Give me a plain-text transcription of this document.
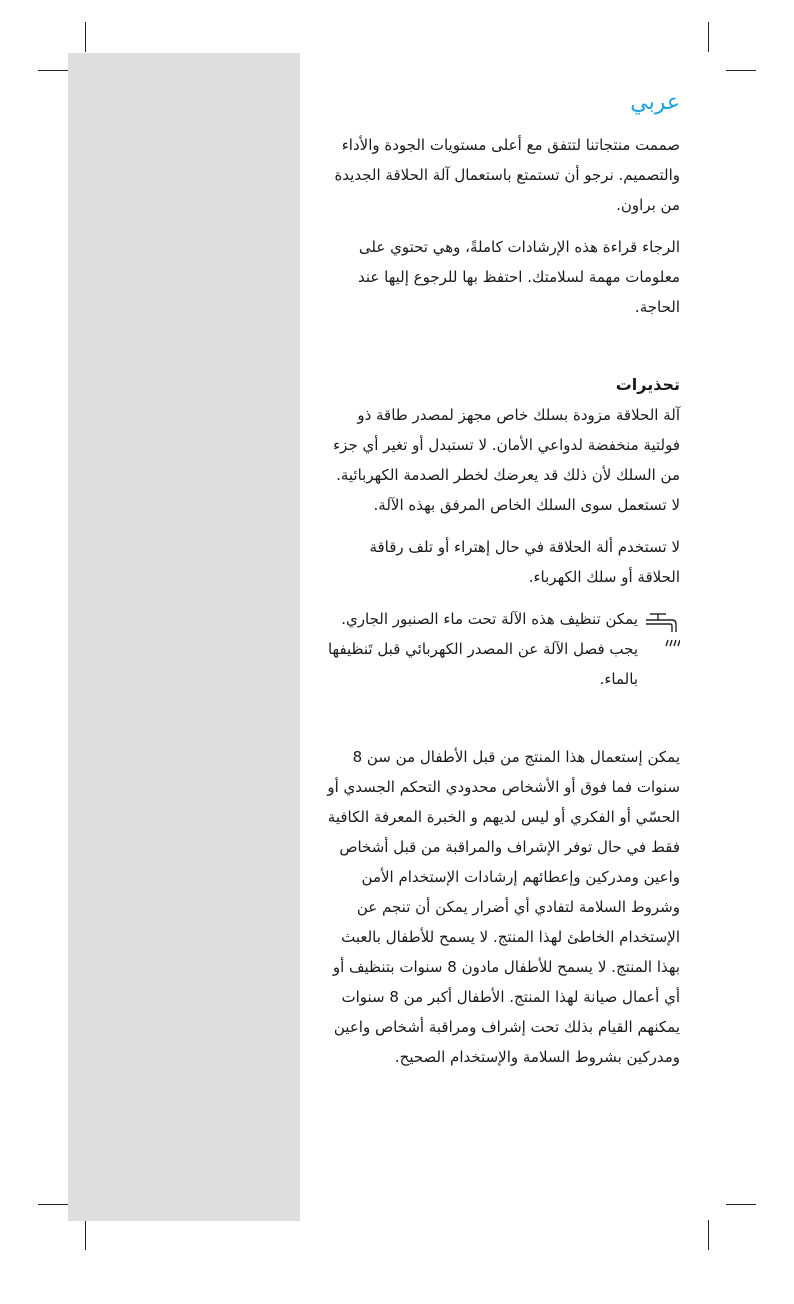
عربي

صممت منتجاتنا لتتفق مع أعلى مستويات الجودة والأداء والتصميم. نرجو أن تستمتع باستعمال آلة الحلاقة الجديدة من براون.

الرجاء قراءة هذه الإرشادات كاملةً، وهي تحتوي على معلومات مهمة لسلامتك. احتفظ بها للرجوع إليها عند الحاجة.

تحذيرات

آلة الحلاقة مزودة بسلك خاص مجهز لمصدر طاقة ذو فولتية منخفضة لدواعي الأمان. لا تستبدل أو تغير أي جزء من السلك لأن ذلك قد يعرضك لخطر الصدمة الكهربائية. لا تستعمل سوى السلك الخاص المرفق بهذه الآلة.

لا تستخدم ألة الحلاقة في حال إهتراء أو تلف رقاقة الحلاقة أو سلك الكهرباء.

يمكن تنظيف هذه الآلة تحت ماء الصنبور الجاري. يجب فصل الآلة عن المصدر الكهربائي قبل تَنظيفها بالماء.

يمكن إستعمال هذا المنتج من قبل الأطفال من سن 8 سنوات فما فوق أو الأشخاص محدودي التحكم الجسدي أو الحسّي أو الفكري أو ليس لديهم و الخبرة المعرفة الكافية فقط في حال توفر الإشراف والمراقبة من قبل أشخاص واعين ومدركين وإعطائهم إرشادات الإستخدام الأمن وشروط السلامة لتفادي أي أضرار يمكن أن تنجم عن الإستخدام الخاطئ لهذا المنتج. لا يسمح للأطفال بالعبث بهذا المنتج. لا يسمح للأطفال مادون 8 سنوات بتنظيف أو أي أعمال صيانة لهذا المنتج. الأطفال أكبر من 8 سنوات يمكنهم القيام بذلك تحت إشراف ومراقبة أشخاص واعين ومدركين بشروط السلامة والإستخدام الصحيح.
